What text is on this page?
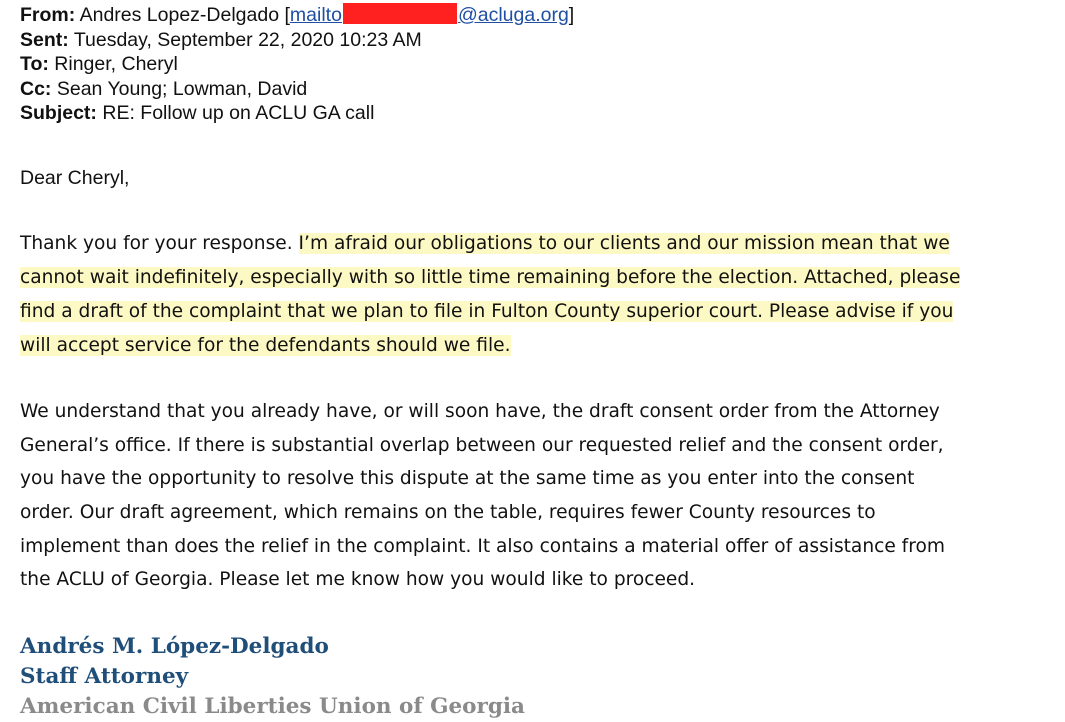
From: Andres Lopez-Delgado [mailto	@acluga.org]
Sent: Tuesday, September 22, 2020 10:23 AM
To: Ringer, Cheryl
Cc: Sean Young; Lowman, David
Subject: RE: Follow up on ACLU GA call
Dear Cheryl,
Thank you for your response. I’m afraid our obligations to our clients and our mission mean that we
cannot wait indefinitely, especially with so little time remaining before the election. Attached, please
find a draft of the complaint that we plan to file in Fulton County superior court. Please advise if you
will accept service for the defendants should we file.
We understand that you already have, or will soon have, the draft consent order from the Attorney
General’s office. If there is substantial overlap between our requested relief and the consent order,
you have the opportunity to resolve this dispute at the same time as you enter into the consent
order. Our draft agreement, which remains on the table, requires fewer County resources to
implement than does the relief in the complaint. It also contains a material offer of assistance from
the ACLU of Georgia. Please let me know how you would like to proceed.
Andrés M. López-Delgado
Staff Attorney
American Civil Liberties Union of Georgia
